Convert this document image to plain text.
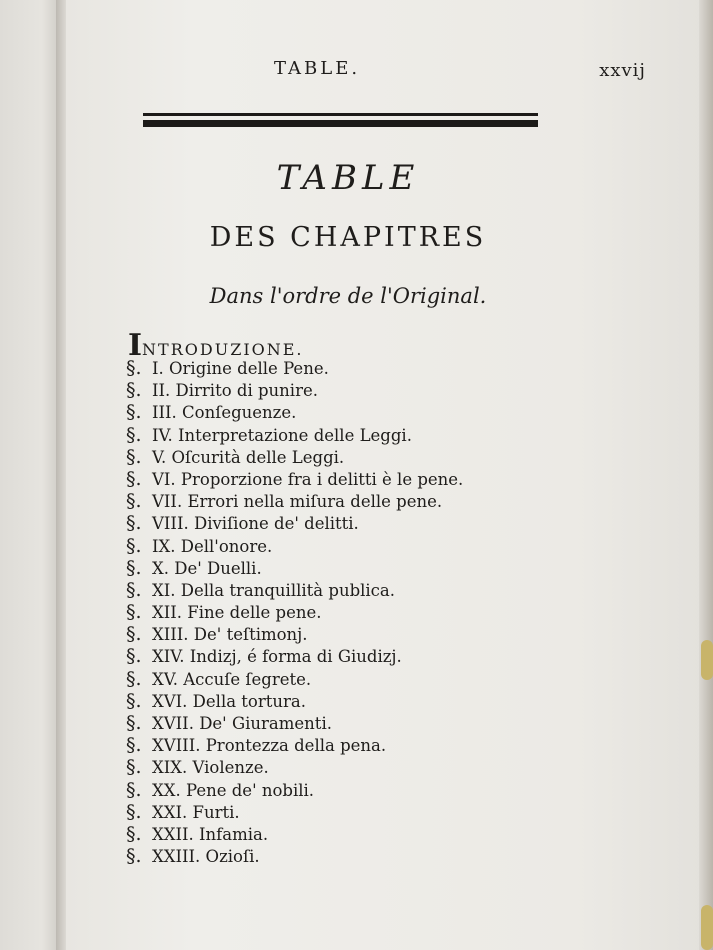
TABLE.	xxvij
TABLE
DES CHAPITRES
Dans l'ordre de l'Original.
INTRODUZIONE.
§. I. Origine delle Pene.
§. II. Dirrito di punire.
§. III. Conſeguenze.
§. IV. Interpretazione delle Leggi.
§. V. Oſcurità delle Leggi.
§. VI. Proporzione fra i delitti è le pene.
§. VII. Errori nella miſura delle pene.
§. VIII. Diviſione de' delitti.
§. IX. Dell'onore.
§. X. De' Duelli.
§. XI. Della tranquillità publica.
§. XII. Fine delle pene.
§. XIII. De' teſtimonj.
§. XIV. Indizj, é forma di Giudizj.
§. XV. Accuſe ſegrete.
§. XVI. Della tortura.
§. XVII. De' Giuramenti.
§. XVIII. Prontezza della pena.
§. XIX. Violenze.
§. XX. Pene de' nobili.
§. XXI. Furti.
§. XXII. Infamia.
§. XXIII. Ozioſi.
